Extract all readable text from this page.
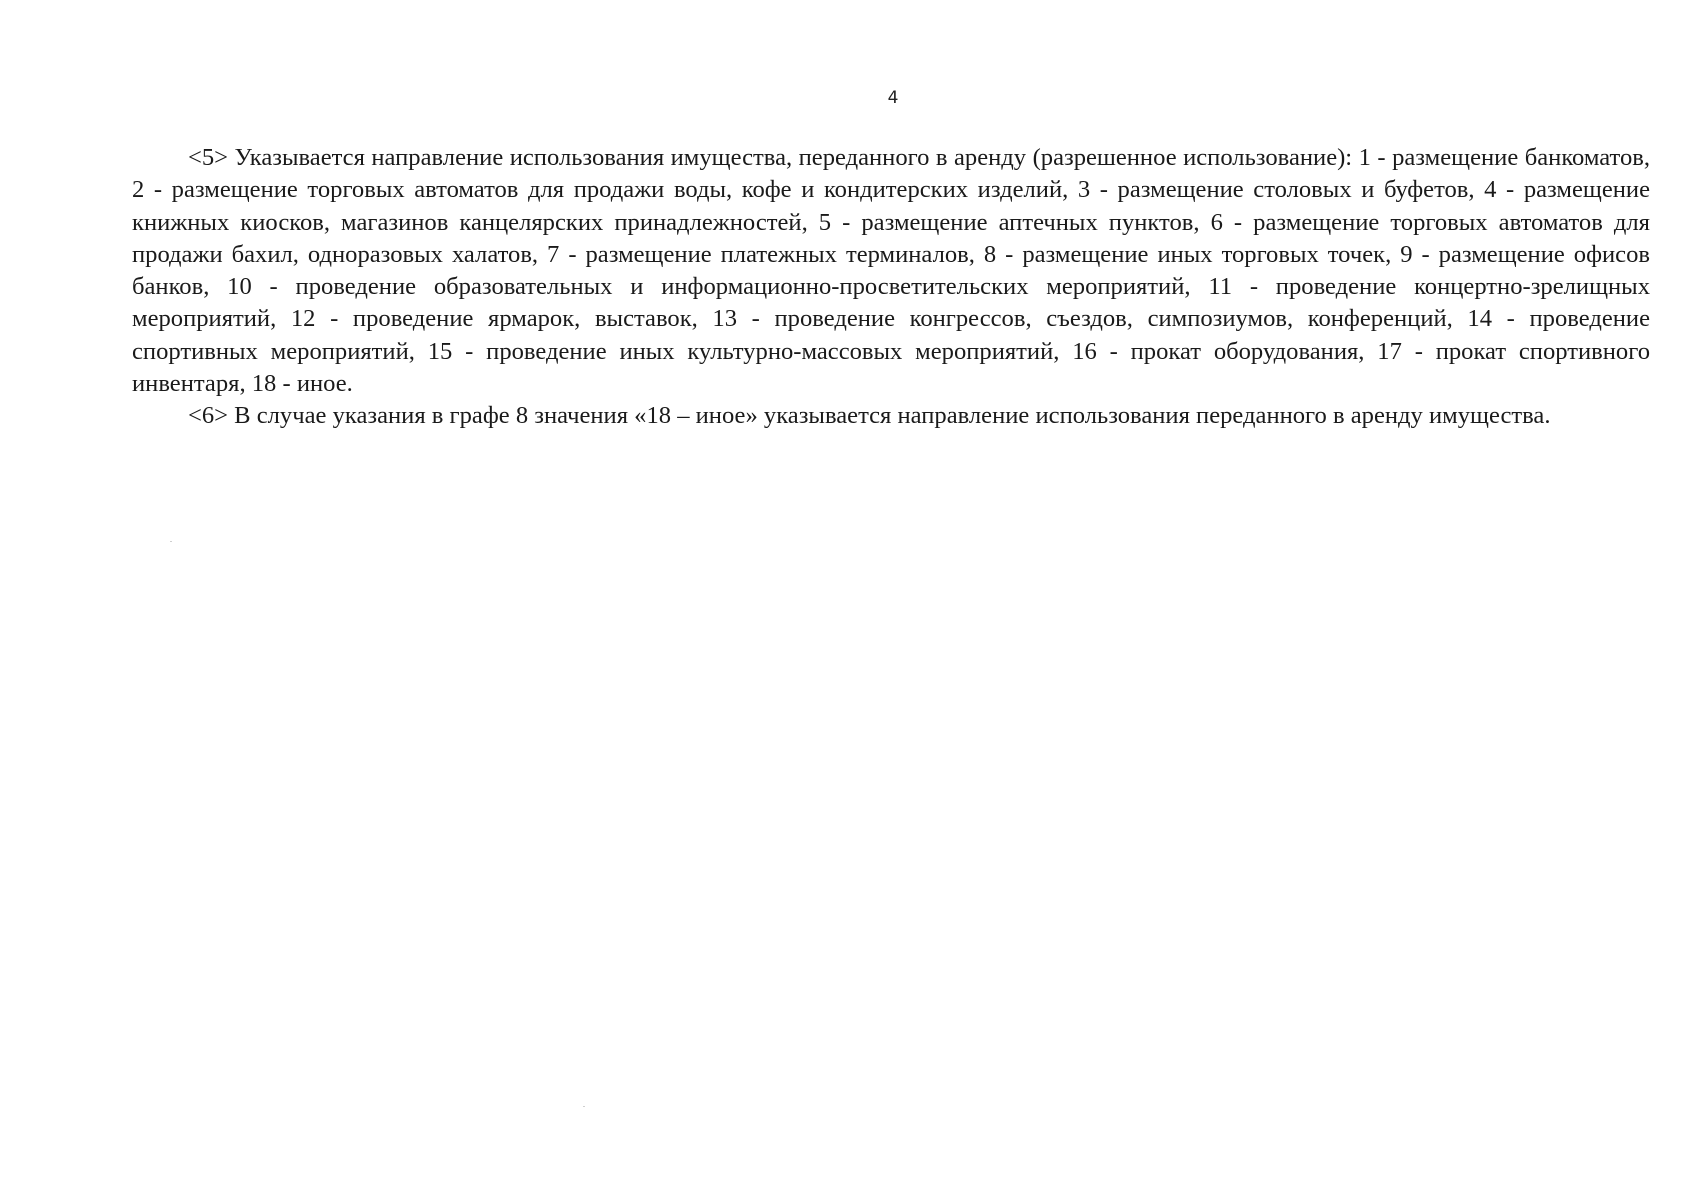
4

<5> Указывается направление использования имущества, переданного в аренду (разрешенное использование): 1 - размещение банкоматов, 2 - размещение торговых автоматов для продажи воды, кофе и кондитерских изделий, 3 - размещение столовых и буфетов, 4 - размещение книжных киосков, магазинов канцелярских принадлежностей, 5 - размещение аптечных пунктов, 6 - размещение торговых автоматов для продажи бахил, одноразовых халатов, 7 - размещение платежных терминалов, 8 - размещение иных торговых точек, 9 - размещение офисов банков, 10 - проведение образовательных и информационно-просветительских мероприятий, 11 - проведение концертно-зрелищных мероприятий, 12 - проведение ярмарок, выставок, 13 - проведение конгрессов, съездов, симпозиумов, конференций, 14 - проведение спортивных мероприятий, 15 - проведение иных культурно-массовых мероприятий, 16 - прокат оборудования, 17 - прокат спортивного инвентаря, 18 - иное.

<6> В случае указания в графе 8 значения «18 – иное» указывается направление использования переданного в аренду имущества.
